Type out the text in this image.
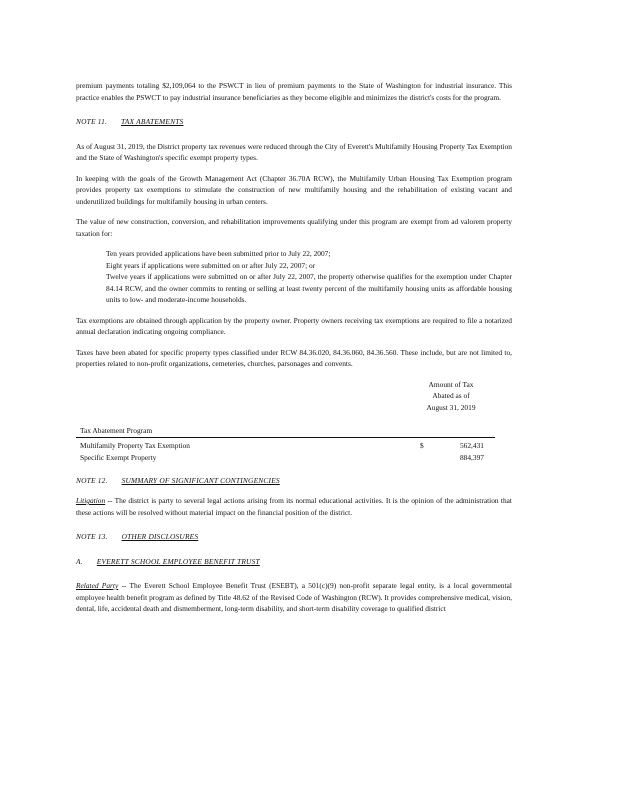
premium payments totaling $2,109,064 to the PSWCT in lieu of premium payments to the State of Washington for industrial insurance. This practice enables the PSWCT to pay industrial insurance beneficiaries as they become eligible and minimizes the district's costs for the program.

NOTE 11. TAX ABATEMENTS

As of August 31, 2019, the District property tax revenues were reduced through the City of Everett's Multifamily Housing Property Tax Exemption and the State of Washington's specific exempt property types.

In keeping with the goals of the Growth Management Act (Chapter 36.70A RCW), the Multifamily Urban Housing Tax Exemption program provides property tax exemptions to stimulate the construction of new multifamily housing and the rehabilitation of existing vacant and underutilized buildings for multifamily housing in urban centers.

The value of new construction, conversion, and rehabilitation improvements qualifying under this program are exempt from ad valorem property taxation for:

Ten years provided applications have been submitted prior to July 22, 2007;
Eight years if applications were submitted on or after July 22, 2007; or
Twelve years if applications were submitted on or after July 22, 2007, the property otherwise qualifies for the exemption under Chapter 84.14 RCW, and the owner commits to renting or selling at least twenty percent of the multifamily housing units as affordable housing units to low- and moderate-income households.

Tax exemptions are obtained through application by the property owner. Property owners receiving tax exemptions are required to file a notarized annual declaration indicating ongoing compliance.

Taxes have been abated for specific property types classified under RCW 84.36.020, 84.36.060, 84.36.560. These include, but are not limited to, properties related to non-profit organizations, cemeteries, churches, parsonages and convents.

Amount of Tax
Abated as of
August 31, 2019
Tax Abatement Program
Multifamily Property Tax Exemption	$	562,431
Specific Exempt Property	884,397

NOTE 12. SUMMARY OF SIGNIFICANT CONTINGENCIES

Litigation -- The district is party to several legal actions arising from its normal educational activities. It is the opinion of the administration that these actions will be resolved without material impact on the financial position of the district.

NOTE 13. OTHER DISCLOSURES

A. EVERETT SCHOOL EMPLOYEE BENEFIT TRUST

Related Party -- The Everett School Employee Benefit Trust (ESEBT), a 501(c)(9) non-profit separate legal entity, is a local governmental employee health benefit program as defined by Title 48.62 of the Revised Code of Washington (RCW). It provides comprehensive medical, vision, dental, life, accidental death and dismemberment, long-term disability, and short-term disability coverage to qualified district
